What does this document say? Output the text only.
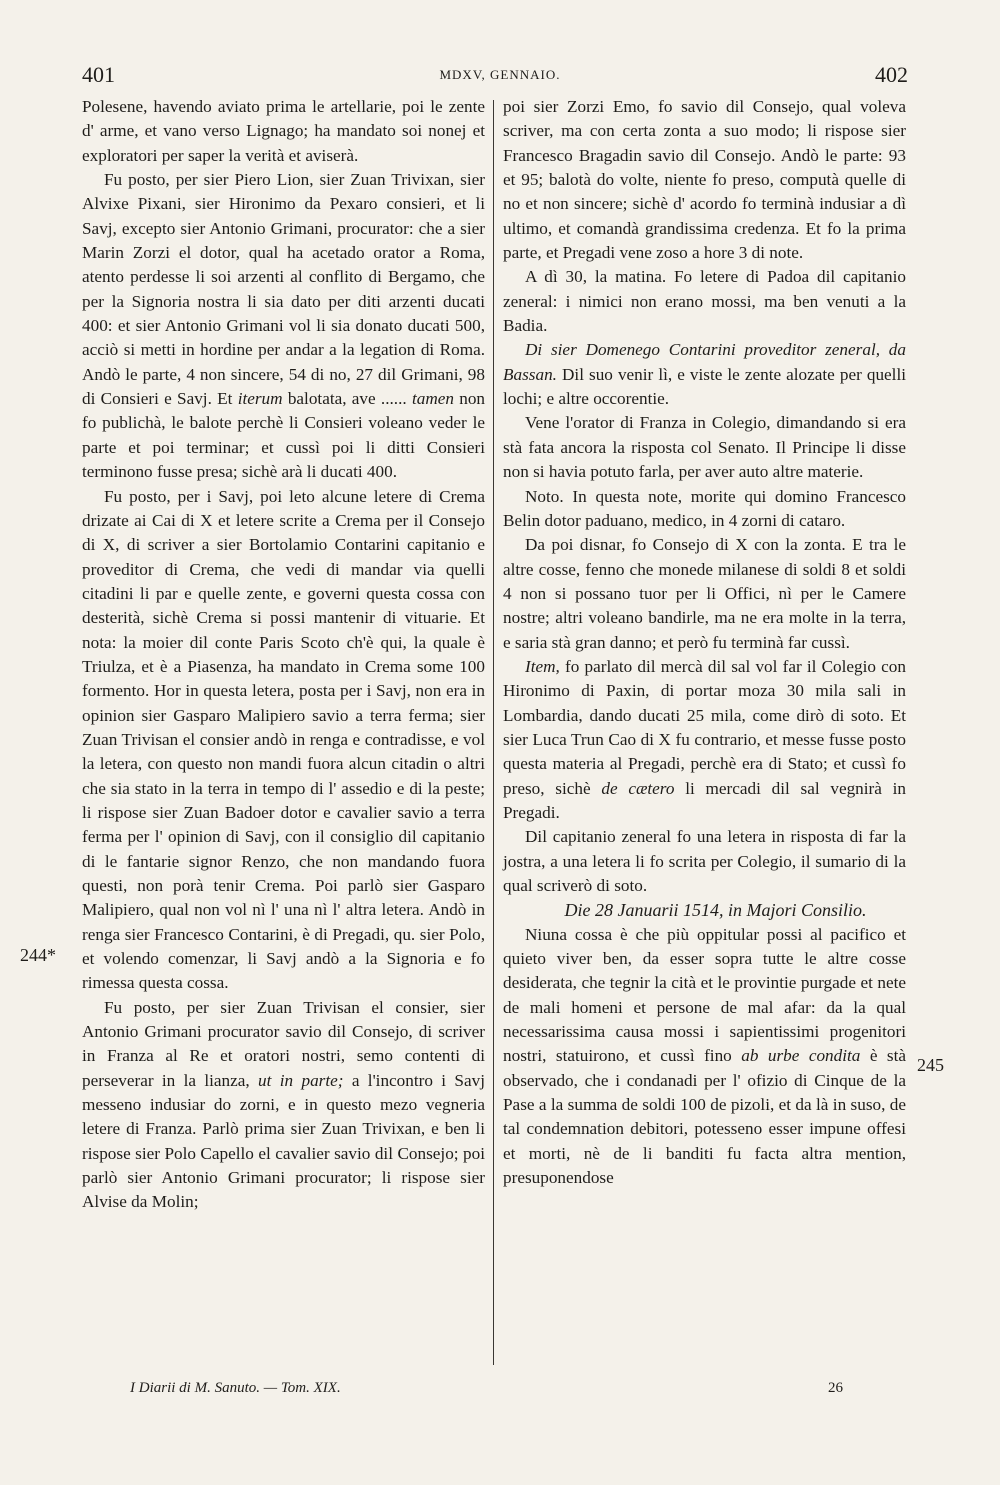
401	MDXV, GENNAIO.	402

Polesene, havendo aviato prima le artellarie, poi le zente d' arme, et vano verso Lignago; ha mandato soi nonej et exploratori per saper la verità et aviserà.

Fu posto, per sier Piero Lion, sier Zuan Trivixan, sier Alvixe Pixani, sier Hironimo da Pexaro consieri, et li Savj, excepto sier Antonio Grimani, procurator: che a sier Marin Zorzi el dotor, qual ha acetado orator a Roma, atento perdesse li soi arzenti al conflito di Bergamo, che per la Signoria nostra li sia dato per diti arzenti ducati 400: et sier Antonio Grimani vol li sia donato ducati 500, acciò si metti in hordine per andar a la legation di Roma. Andò le parte, 4 non sincere, 54 di no, 27 dil Grimani, 98 di Consieri e Savj. Et iterum balotata, ave ...... tamen non fo publichà, le balote perchè li Consieri voleano veder le parte et poi terminar; et cussì poi li ditti Consieri terminono fusse presa; sichè arà li ducati 400.

Fu posto, per i Savj, poi leto alcune letere di Crema drizate ai Cai di X et letere scrite a Crema per il Consejo di X, di scriver a sier Bortolamio Contarini capitanio e proveditor di Crema, che vedi di mandar via quelli citadini li par e quelle zente, e governi questa cossa con desterità, sichè Crema si possi mantenir di vituarie. Et nota: la moier dil conte Paris Scoto ch'è qui, la quale è Triulza, et è a Piasenza, ha mandato in Crema some 100 formento. Hor in questa letera, posta per i Savj, non era in opinion sier Gasparo Malipiero savio a terra ferma; sier Zuan Trivisan el consier andò in renga e contradisse, e vol la letera, con questo non mandi fuora alcun citadin o altri che sia stato in la terra in tempo di l' assedio e di la peste; li rispose sier Zuan Badoer dotor e cavalier savio a terra ferma per l' opinion di Savj, con il consiglio dil capitanio di le fantarie signor Renzo, che non mandando fuora questi, non porà tenir Crema. Poi parlò sier Gasparo Malipiero, qual non vol nì l' una nì l' altra letera. Andò in renga sier Francesco Contarini, è di Pregadi, qu. sier Polo, et volendo comenzar, li Savj andò a la Signoria e fo rimessa questa cossa.

Fu posto, per sier Zuan Trivisan el consier, sier Antonio Grimani procurator savio dil Consejo, di scriver in Franza al Re et oratori nostri, semo contenti di perseverar in la lianza, ut in parte; a l'incontro i Savj messeno indusiar do zorni, e in questo mezo vegneria letere di Franza. Parlò prima sier Zuan Trivixan, e ben li rispose sier Polo Capello el cavalier savio dil Consejo; poi parlò sier Antonio Grimani procurator; li rispose sier Alvise da Molin;

poi sier Zorzi Emo, fo savio dil Consejo, qual voleva scriver, ma con certa zonta a suo modo; li rispose sier Francesco Bragadin savio dil Consejo. Andò le parte: 93 et 95; balotà do volte, niente fo preso, computà quelle di no et non sincere; sichè d' acordo fo terminà indusiar a dì ultimo, et comandà grandissima credenza. Et fo la prima parte, et Pregadi vene zoso a hore 3 di note.

A dì 30, la matina. Fo letere di Padoa dil capitanio zeneral: i nimici non erano mossi, ma ben venuti a la Badia.

Di sier Domenego Contarini proveditor zeneral, da Bassan. Dil suo venir lì, e viste le zente alozate per quelli lochi; e altre occorentie.

Vene l'orator di Franza in Colegio, dimandando si era stà fata ancora la risposta col Senato. Il Principe li disse non si havia potuto farla, per aver auto altre materie.

Noto. In questa note, morite qui domino Francesco Belin dotor paduano, medico, in 4 zorni di cataro.

Da poi disnar, fo Consejo di X con la zonta. E tra le altre cosse, fenno che monede milanese di soldi 8 et soldi 4 non si possano tuor per li Offici, nì per le Camere nostre; altri voleano bandirle, ma ne era molte in la terra, e saria stà gran danno; et però fu terminà far cussì.

Item, fo parlato dil mercà dil sal vol far il Colegio con Hironimo di Paxin, di portar moza 30 mila sali in Lombardia, dando ducati 25 mila, come dirò di soto. Et sier Luca Trun Cao di X fu contrario, et messe fusse posto questa materia al Pregadi, perchè era di Stato; et cussì fo preso, sichè de cætero li mercadi dil sal vegnirà in Pregadi.

Dil capitanio zeneral fo una letera in risposta di far la jostra, a una letera li fo scrita per Colegio, il sumario di la qual scriverò di soto.

Die 28 Januarii 1514, in Majori Consilio.

Niuna cossa è che più oppitular possi al pacifico et quieto viver ben, da esser sopra tutte le altre cosse desiderata, che tegnir la cità et le provintie purgade et nete de mali homeni et persone de mal afar: da la qual necessarissima causa mossi i sapientissimi progenitori nostri, statuirono, et cussì fino ab urbe condita è stà observado, che i condanadi per l' ofizio di Cinque de la Pase a la summa de soldi 100 de pizoli, et da là in suso, de tal condemnation debitori, potesseno esser impune offesi et morti, nè de li banditi fu facta altra mention, presuponendose

244*
245
I Diarii di M. Sanuto. — Tom. XIX.	26
